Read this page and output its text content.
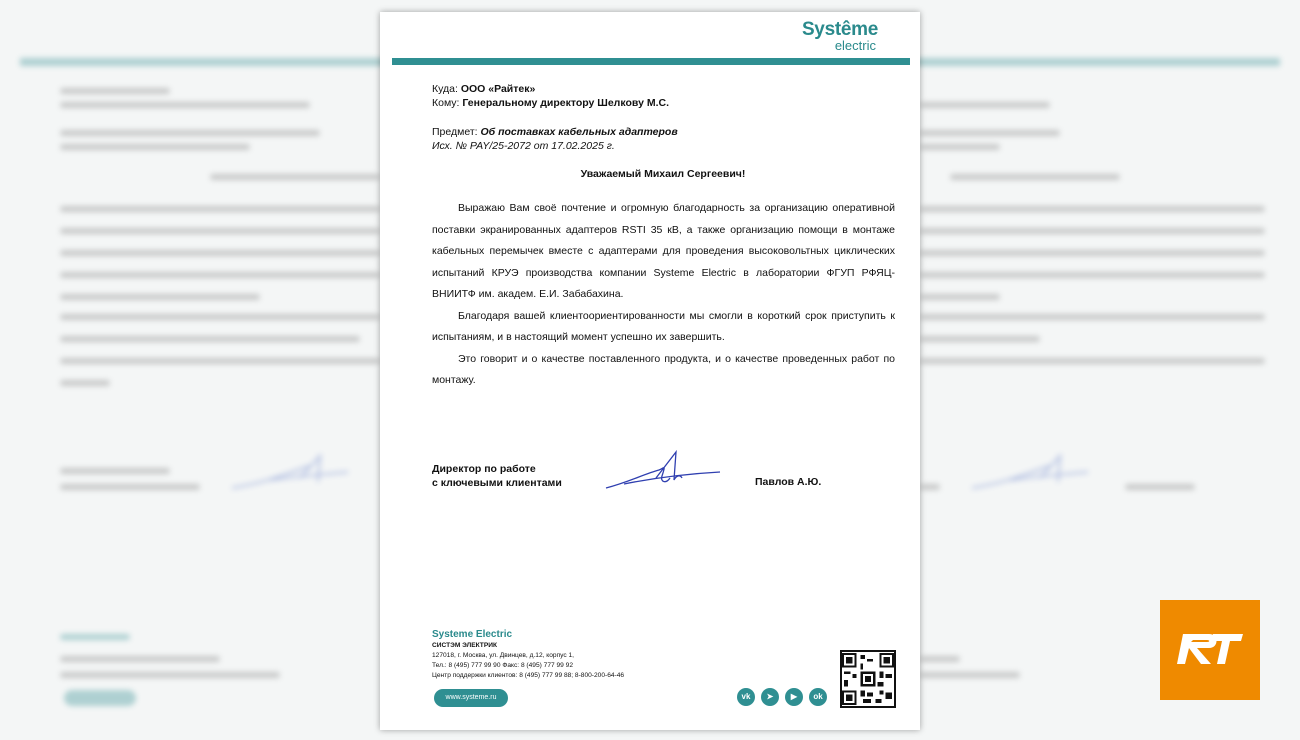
Systême
electric
Куда: ООО «Райтек»
Кому: Генеральному директору Шелкову М.С.
Предмет: Об поставках кабельных адаптеров
Исх. № PAY/25-2072 от 17.02.2025 г.
Уважаемый Михаил Сергеевич!

Выражаю Вам своё почтение и огромную благодарность за организацию оперативной поставки экранированных адаптеров RSTI 35 кВ, а также организацию помощи в монтаже кабельных перемычек вместе с адаптерами для проведения высоковольтных циклических испытаний КРУЭ производства компании Systeme Electric в лаборатории ФГУП РФЯЦ-ВНИИТФ им. академ. Е.И. Забабахина.

Благодаря вашей клиентоориентированности мы смогли в короткий срок приступить к испытаниям, и в настоящий момент успешно их завершить.

Это говорит и о качестве поставленного продукта, и о качестве проведенных работ по монтажу.

Директор по работе
с ключевыми клиентами	Павлов А.Ю.
Systeme Electric
СИСТЭМ ЭЛЕКТРИК
127018, г. Москва, ул. Двинцев, д.12, корпус 1,
Тел.: 8 (495) 777 99 90 Факс: 8 (495) 777 99 92
Центр поддержки клиентов: 8 (495) 777 99 88; 8-800-200-64-46
www.systeme.ru	vk	➤	▶	ok
